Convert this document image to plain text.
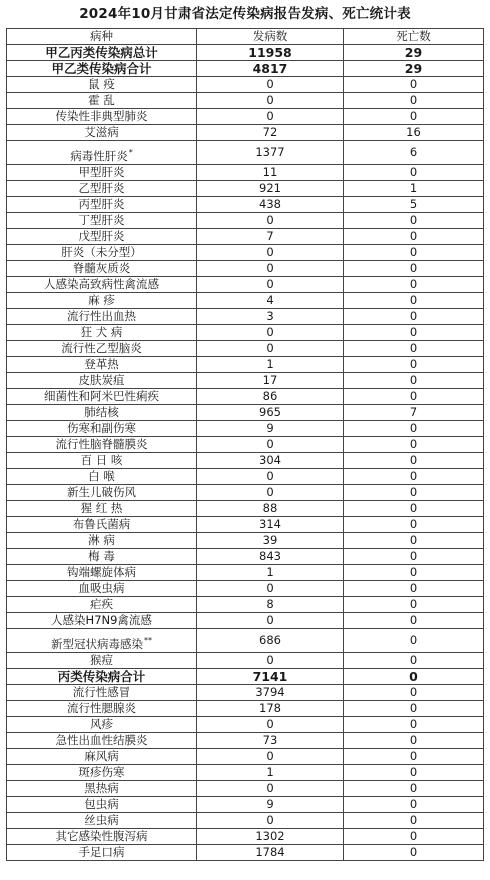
2024年10月甘肃省法定传染病报告发病、死亡统计表
病种	发病数	死亡数
甲乙丙类传染病总计	11958	29
甲乙类传染病合计	4817	29
鼠 疫	0	0
霍 乱	0	0
传染性非典型肺炎	0	0
艾滋病	72	16
病毒性肝炎*	1377	6
甲型肝炎	11	0
乙型肝炎	921	1
丙型肝炎	438	5
丁型肝炎	0	0
戊型肝炎	7	0
肝炎（未分型）	0	0
脊髓灰质炎	0	0
人感染高致病性禽流感	0	0
麻 疹	4	0
流行性出血热	3	0
狂 犬 病	0	0
流行性乙型脑炎	0	0
登革热	1	0
皮肤炭疽	17	0
细菌性和阿米巴性痢疾	86	0
肺结核	965	7
伤寒和副伤寒	9	0
流行性脑脊髓膜炎	0	0
百 日 咳	304	0
白 喉	0	0
新生儿破伤风	0	0
猩 红 热	88	0
布鲁氏菌病	314	0
淋 病	39	0
梅 毒	843	0
钩端螺旋体病	1	0
血吸虫病	0	0
疟疾	8	0
人感染H7N9禽流感	0	0
新型冠状病毒感染**	686	0
猴痘	0	0
丙类传染病合计	7141	0
流行性感冒	3794	0
流行性腮腺炎	178	0
风疹	0	0
急性出血性结膜炎	73	0
麻风病	0	0
斑疹伤寒	1	0
黑热病	0	0
包虫病	9	0
丝虫病	0	0
其它感染性腹泻病	1302	0
手足口病	1784	0
